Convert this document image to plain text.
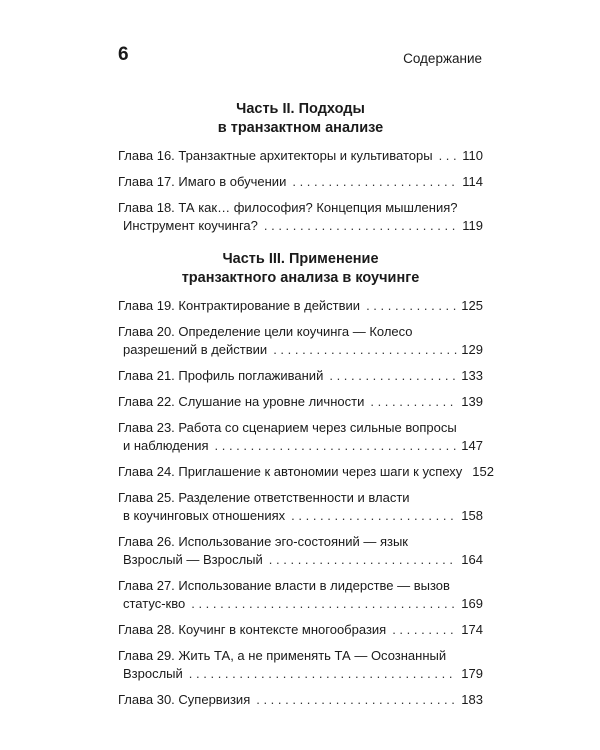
6	Содержание
Часть II. Подходы
в транзактном анализе
Глава 16. Транзактные архитекторы и культиваторы . . . 110
Глава 17. Имаго в обучении . . .	114
Глава 18. ТА как… философия? Концепция мышления?
Инструмент коучинга? . . .	119
Часть III. Применение
транзактного анализа в коучинге
Глава 19. Контрактирование в действии . . .	125
Глава 20. Определение цели коучинга — Колесо
разрешений в действии . . .	129
Глава 21. Профиль поглаживаний . . .	133
Глава 22. Слушание на уровне личности . . .	139
Глава 23. Работа со сценарием через сильные вопросы
и наблюдения . . .	147
Глава 24. Приглашение к автономии через шаги к успеху 152
Глава 25. Разделение ответственности и власти
в коучинговых отношениях . . .	158
Глава 26. Использование эго-состояний — язык
Взрослый — Взрослый . . .	164
Глава 27. Использование власти в лидерстве — вызов
статус-кво . . .	169
Глава 28. Коучинг в контексте многообразия . . .	174
Глава 29. Жить ТА, а не применять ТА — Осознанный
Взрослый . . .	179
Глава 30. Супервизия . . .	183
